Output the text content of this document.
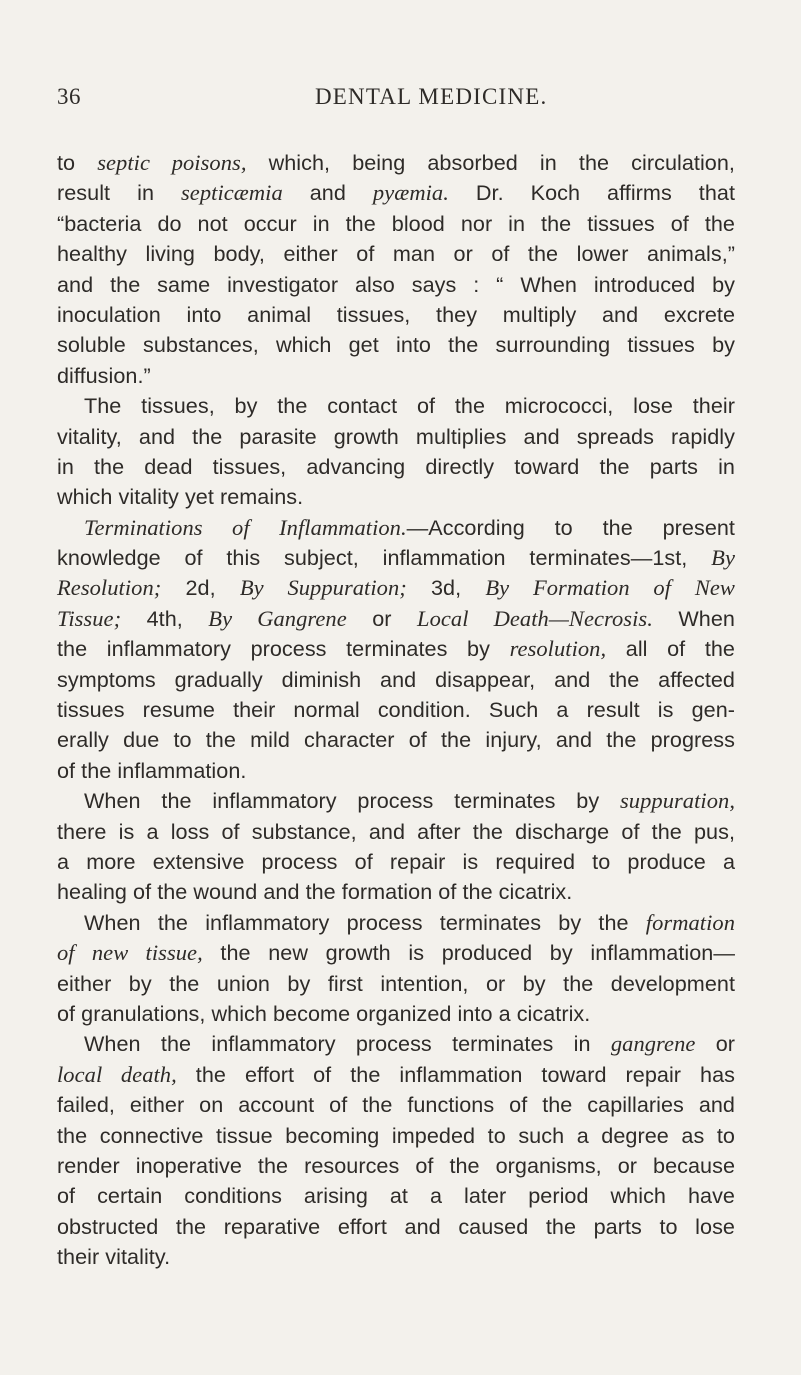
36	DENTAL MEDICINE.
to septic poisons, which, being absorbed in the circulation,
result in septicæmia and pyæmia. Dr. Koch affirms that
“bacteria do not occur in the blood nor in the tissues of the
healthy living body, either of man or of the lower animals,”
and the same investigator also says : “ When introduced by
inoculation into animal tissues, they multiply and excrete
soluble substances, which get into the surrounding tissues by
diffusion.”
The tissues, by the contact of the micrococci, lose their
vitality, and the parasite growth multiplies and spreads rapidly
in the dead tissues, advancing directly toward the parts in
which vitality yet remains.
Terminations of Inflammation.—According to the present
knowledge of this subject, inflammation terminates—1st, By
Resolution; 2d, By Suppuration; 3d, By Formation of New
Tissue; 4th, By Gangrene or Local Death—Necrosis. When
the inflammatory process terminates by resolution, all of the
symptoms gradually diminish and disappear, and the affected
tissues resume their normal condition. Such a result is gen-
erally due to the mild character of the injury, and the progress
of the inflammation.
When the inflammatory process terminates by suppuration,
there is a loss of substance, and after the discharge of the pus,
a more extensive process of repair is required to produce a
healing of the wound and the formation of the cicatrix.
When the inflammatory process terminates by the formation
of new tissue, the new growth is produced by inflammation—
either by the union by first intention, or by the development
of granulations, which become organized into a cicatrix.
When the inflammatory process terminates in gangrene or
local death, the effort of the inflammation toward repair has
failed, either on account of the functions of the capillaries and
the connective tissue becoming impeded to such a degree as to
render inoperative the resources of the organisms, or because
of certain conditions arising at a later period which have
obstructed the reparative effort and caused the parts to lose
their vitality.
